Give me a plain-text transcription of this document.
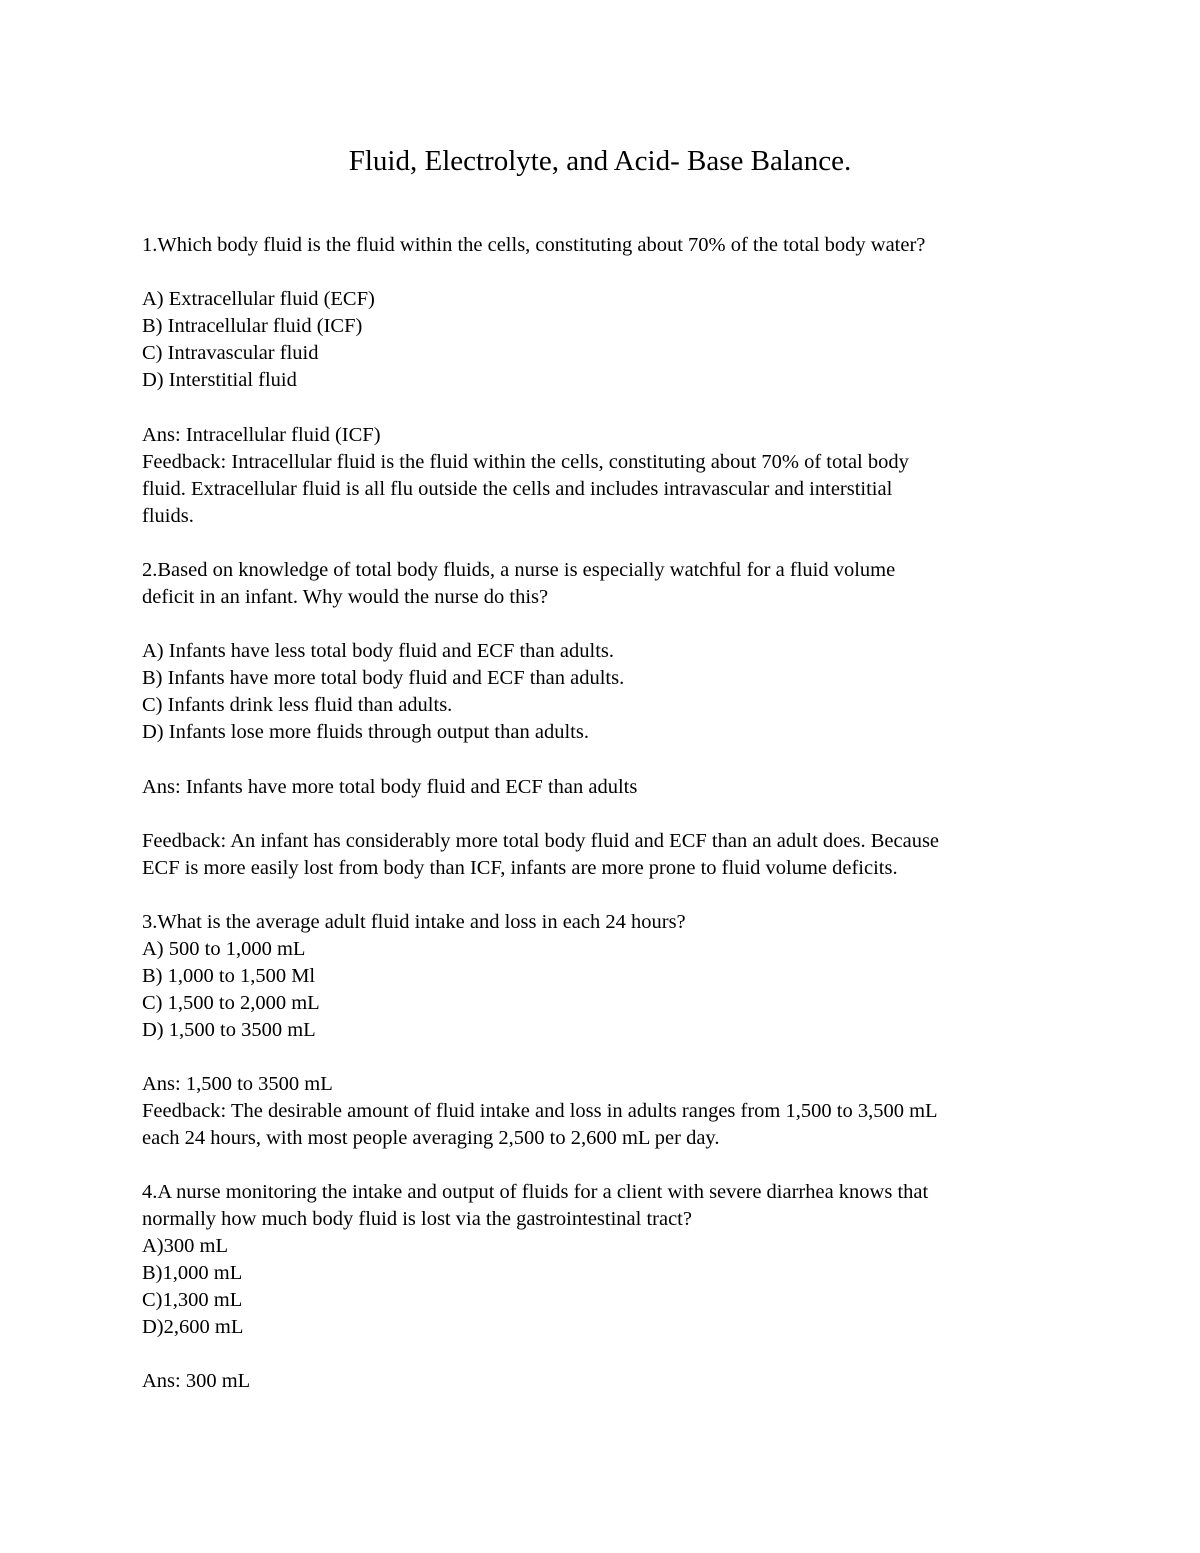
Fluid, Electrolyte, and Acid- Base Balance.
1.Which body fluid is the fluid within the cells, constituting about 70% of the total body water?
A) Extracellular fluid (ECF)
B) Intracellular fluid (ICF)
C) Intravascular fluid
D) Interstitial fluid
Ans: Intracellular fluid (ICF)
Feedback: Intracellular fluid is the fluid within the cells, constituting about 70% of total body
fluid. Extracellular fluid is all flu outside the cells and includes intravascular and interstitial
fluids.
2.Based on knowledge of total body fluids, a nurse is especially watchful for a fluid volume
deficit in an infant. Why would the nurse do this?
A) Infants have less total body fluid and ECF than adults.
B) Infants have more total body fluid and ECF than adults.
C) Infants drink less fluid than adults.
D) Infants lose more fluids through output than adults.
Ans: Infants have more total body fluid and ECF than adults
Feedback: An infant has considerably more total body fluid and ECF than an adult does. Because
ECF is more easily lost from body than ICF, infants are more prone to fluid volume deficits.
3.What is the average adult fluid intake and loss in each 24 hours?
A) 500 to 1,000 mL
B) 1,000 to 1,500 Ml
C) 1,500 to 2,000 mL
D) 1,500 to 3500 mL
Ans: 1,500 to 3500 mL
Feedback: The desirable amount of fluid intake and loss in adults ranges from 1,500 to 3,500 mL
each 24 hours, with most people averaging 2,500 to 2,600 mL per day.
4.A nurse monitoring the intake and output of fluids for a client with severe diarrhea knows that
normally how much body fluid is lost via the gastrointestinal tract?
A)300 mL
B)1,000 mL
C)1,300 mL
D)2,600 mL
Ans: 300 mL
